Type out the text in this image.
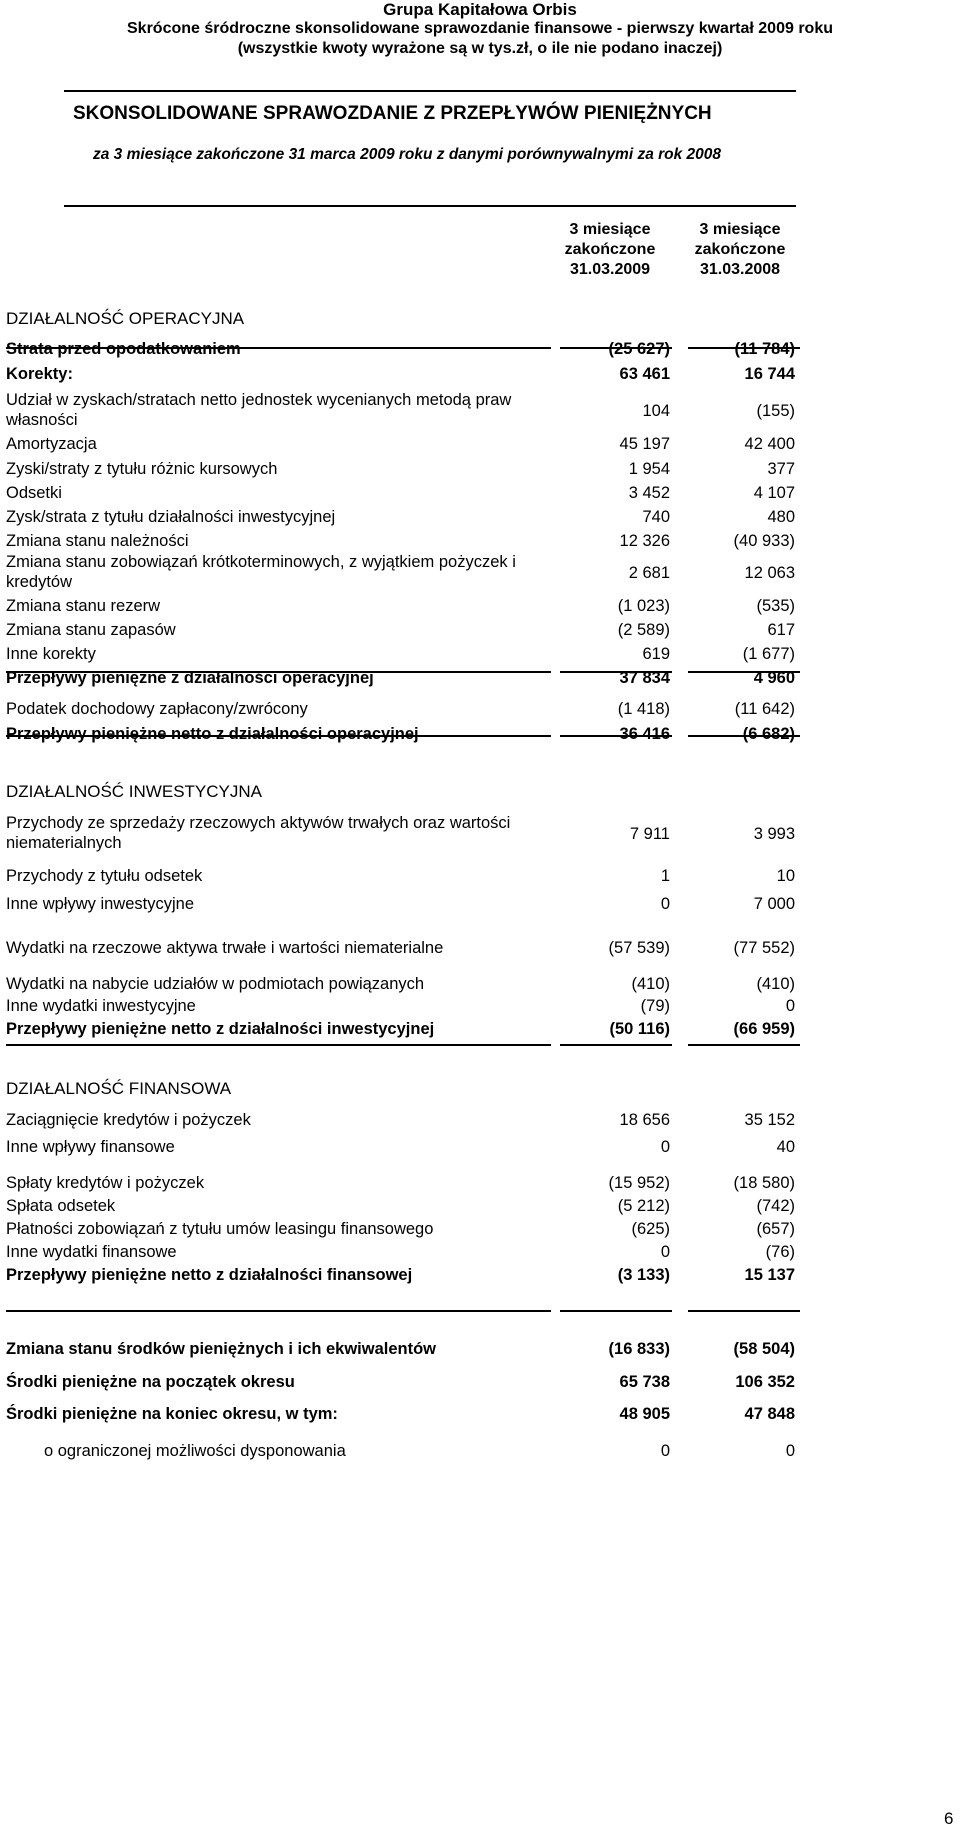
Grupa Kapitałowa Orbis
Skrócone śródroczne skonsolidowane sprawozdanie finansowe - pierwszy kwartał 2009 roku
(wszystkie kwoty wyrażone są w tys.zł, o ile nie podano inaczej)
SKONSOLIDOWANE SPRAWOZDANIE Z PRZEPŁYWÓW PIENIĘŻNYCH
za 3 miesiące zakończone 31 marca 2009 roku z danymi porównywalnymi za rok 2008
3 miesiące
zakończone
31.03.2009
3 miesiące
zakończone
31.03.2008
DZIAŁALNOŚĆ OPERACYJNA
DZIAŁALNOŚĆ INWESTYCYJNA
DZIAŁALNOŚĆ FINANSOWA
Strata przed opodatkowaniem	(25 627)	(11 784)
Korekty:	63 461	16 744
Udział w zyskach/stratach netto jednostek wycenianych metodą praw własności	104	(155)
Amortyzacja	45 197	42 400
Zyski/straty z tytułu różnic kursowych	1 954	377
Odsetki	3 452	4 107
Zysk/strata z tytułu działalności inwestycyjnej	740	480
Zmiana stanu należności	12 326	(40 933)
Zmiana stanu zobowiązań krótkoterminowych, z wyjątkiem pożyczek i kredytów	2 681	12 063
Zmiana stanu rezerw	(1 023)	(535)
Zmiana stanu zapasów	(2 589)	617
Inne korekty	619	(1 677)
Przepływy pieniężne z działalności operacyjnej	37 834	4 960
Podatek dochodowy zapłacony/zwrócony	(1 418)	(11 642)
Przepływy pieniężne netto z działalności operacyjnej	36 416	(6 682)
Przychody ze sprzedaży rzeczowych aktywów trwałych oraz wartości niematerialnych	7 911	3 993
Przychody z tytułu odsetek	1	10
Inne wpływy inwestycyjne	0	7 000
Wydatki na rzeczowe aktywa trwałe i wartości niematerialne	(57 539)	(77 552)
Wydatki na nabycie udziałów w podmiotach powiązanych	(410)	(410)
Inne wydatki inwestycyjne	(79)	0
Przepływy pieniężne netto z działalności inwestycyjnej	(50 116)	(66 959)
Zaciągnięcie kredytów i pożyczek	18 656	35 152
Inne wpływy finansowe	0	40
Spłaty kredytów i pożyczek	(15 952)	(18 580)
Spłata odsetek	(5 212)	(742)
Płatności zobowiązań z tytułu umów leasingu finansowego	(625)	(657)
Inne wydatki finansowe	0	(76)
Przepływy pieniężne netto z działalności finansowej	(3 133)	15 137
Zmiana stanu środków pieniężnych i ich ekwiwalentów	(16 833)	(58 504)
Środki pieniężne na początek okresu	65 738	106 352
Środki pieniężne na koniec okresu, w tym:	48 905	47 848
o ograniczonej możliwości dysponowania	0	0
6
